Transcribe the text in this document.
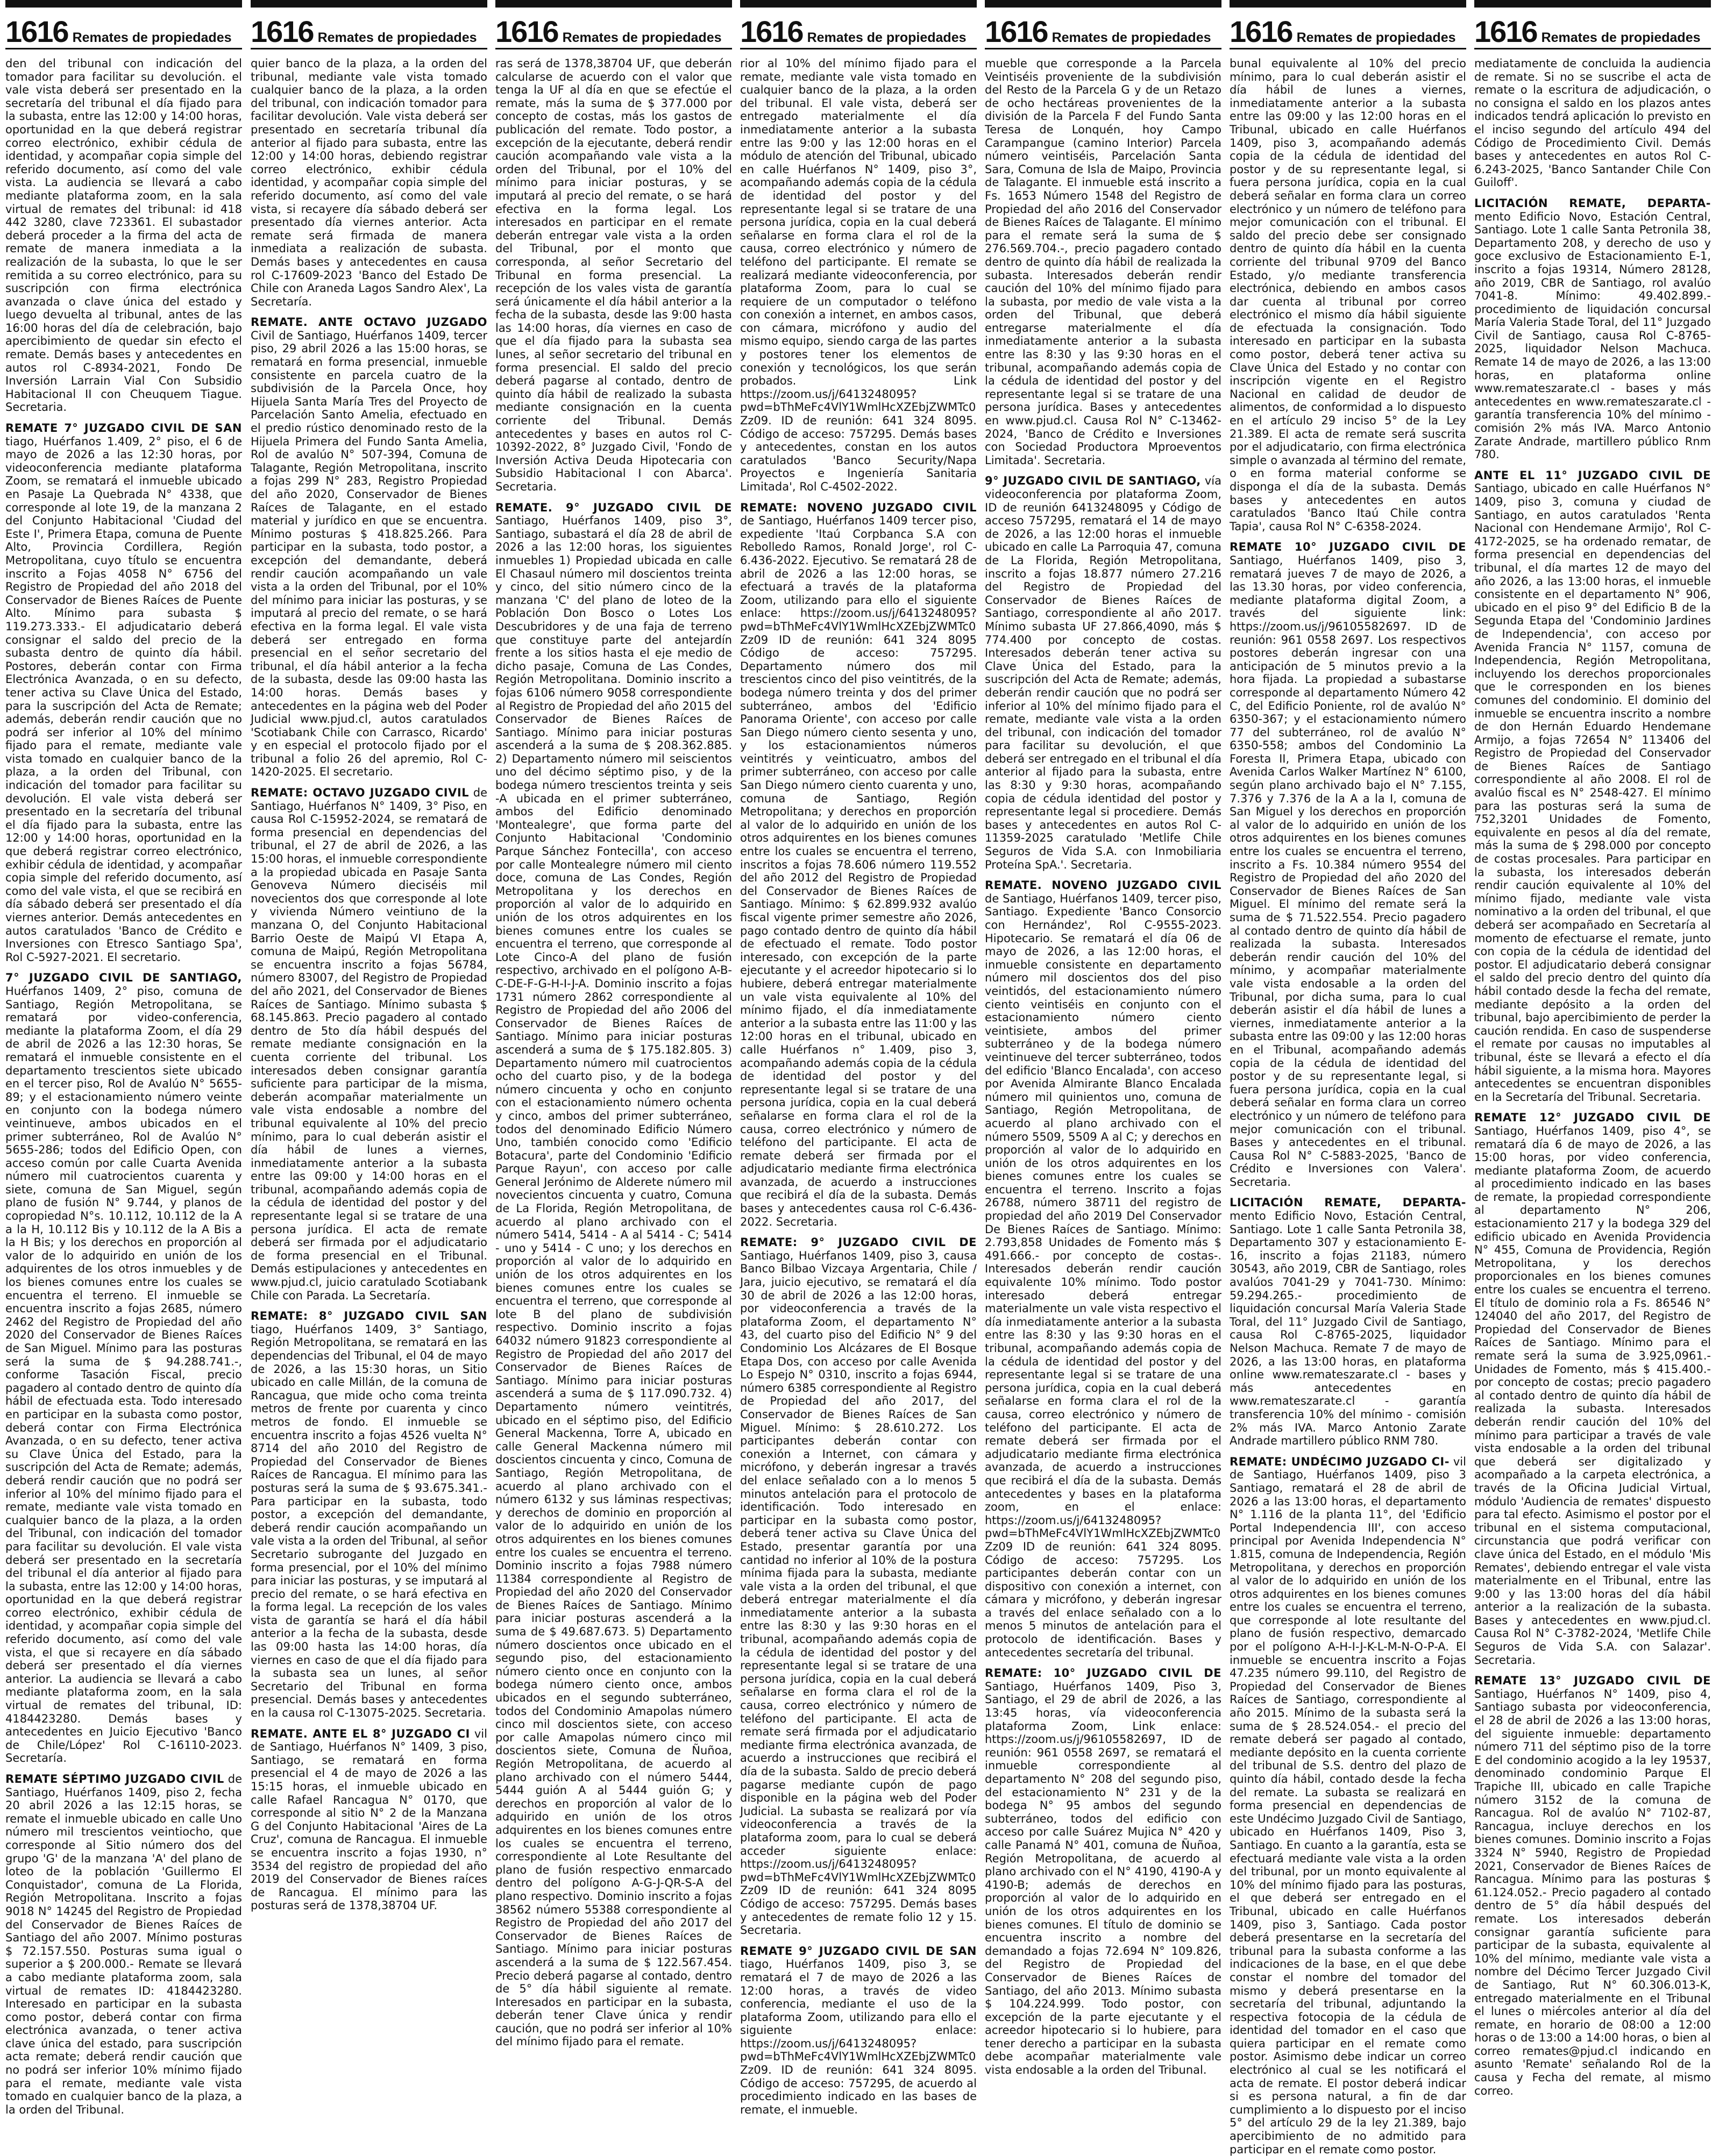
1616 Remates de propiedades

den del tribunal con indicación del tomador para facilitar su devolución. el vale vista deberá ser presentado en la secretaría del tribunal el día fijado para la subasta, entre las 12:00 y 14:00 horas, oportunidad en la que deberá registrar correo electrónico, exhibir cédula de identidad, y acompañar copia simple del referido documento, así como del vale vista. La audiencia se llevará a cabo mediante plataforma zoom, en la sala virtual de remates del tribunal: id 418 442 3280, clave 723361. El subastador deberá proceder a la firma del acta de remate de manera inmediata a la realización de la subasta, lo que le ser remitida a su correo electrónico, para su suscripción con firma electrónica avanzada o clave única del estado y luego devuelta al tribunal, antes de las 16:00 horas del día de celebración, bajo apercibimiento de quedar sin efecto el remate. Demás bases y antecedentes en autos rol C-8934-2021, Fondo De Inversión Larrain Vial Con Subsidio Habitacional II con Cheuquem Tiague. Secretaria.

REMATE 7° JUZGADO CIVIL DE SAN tiago, Huérfanos 1.409, 2° piso, el 6 de mayo de 2026 a las 12:30 horas, por videoconferencia mediante plataforma Zoom, se rematará el inmueble ubicado en Pasaje La Quebrada N° 4338, que corresponde al lote 19, de la manzana 2 del Conjunto Habitacional 'Ciudad del Este I', Primera Etapa, comuna de Puente Alto, Provincia Cordillera, Región Metropolitana, cuyo título se encuentra inscrito a Fojas 4058 N° 6756 del Registro de Propiedad del año 2018 del Conservador de Bienes Raíces de Puente Alto. Mínimo para subasta $ 119.273.333.- El adjudicatario deberá consignar el saldo del precio de la subasta dentro de quinto día hábil. Postores, deberán contar con Firma Electrónica Avanzada, o en su defecto, tener activa su Clave Única del Estado, para la suscripción del Acta de Remate; además, deberán rendir caución que no podrá ser inferior al 10% del mínimo fijado para el remate, mediante vale vista tomado en cualquier banco de la plaza, a la orden del Tribunal, con indicación del tomador para facilitar su devolución. El vale vista deberá ser presentado en la secretaría del tribunal el día fijado para la subasta, entre las 12:00 y 14:00 horas, oportunidad en la que deberá registrar correo electrónico, exhibir cédula de identidad, y acompañar copia simple del referido documento, así como del vale vista, el que se recibirá en día sábado deberá ser presentado el día viernes anterior. Demás antecedentes en autos caratulados 'Banco de Crédito e Inversiones con Etresco Santiago Spa', Rol C-5927-2021. El secretario.

7° JUZGADO CIVIL DE SANTIAGO, Huérfanos 1409, 2° piso, comuna de Santiago, Región Metropolitana, se rematará por video-conferencia, mediante la plataforma Zoom, el día 29 de abril de 2026 a las 12:30 horas, Se rematará el inmueble consistente en el departamento trescientos siete ubicado en el tercer piso, Rol de Avalúo N° 5655-89; y el estacionamiento número veinte en conjunto con la bodega número veintinueve, ambos ubicados en el primer subterráneo, Rol de Avalúo N° 5655-286; todos del Edificio Open, con acceso común por calle Cuarta Avenida número mil cuatrocientos cuarenta y siete, comuna de San Miguel, según plano de fusión N° 9.744, y planos de copropiedad N°s. 10.112, 10.112 de la A a la H, 10.112 Bis y 10.112 de la A Bis a la H Bis; y los derechos en proporción al valor de lo adquirido en unión de los adquirentes de los otros inmuebles y de los bienes comunes entre los cuales se encuentra el terreno. El inmueble se encuentra inscrito a fojas 2685, número 2462 del Registro de Propiedad del año 2020 del Conservador de Bienes Raíces de San Miguel. Mínimo para las posturas será la suma de $ 94.288.741.-, conforme Tasación Fiscal, precio pagadero al contado dentro de quinto día hábil de efectuada esta. Todo interesado en participar en la subasta como postor, deberá contar con Firma Electrónica Avanzada, o en su defecto, tener activa su Clave Única del Estado, para la suscripción del Acta de Remate; además, deberá rendir caución que no podrá ser inferior al 10% del mínimo fijado para el remate, mediante vale vista tomado en cualquier banco de la plaza, a la orden del Tribunal, con indicación del tomador para facilitar su devolución. El vale vista deberá ser presentado en la secretaría del tribunal el día anterior al fijado para la subasta, entre las 12:00 y 14:00 horas, oportunidad en la que deberá registrar correo electrónico, exhibir cédula de identidad, y acompañar copia simple del referido documento, así como del vale vista, el que si recayere en día sábado deberá ser presentado el día viernes anterior. La audiencia se llevará a cabo mediante plataforma zoom, en la sala virtual de remates del tribunal, ID: 4184423280. Demás bases y antecedentes en Juicio Ejecutivo 'Banco de Chile/López' Rol C-16110-2023. Secretaría.

REMATE SÉPTIMO JUZGADO CIVIL de Santiago, Huérfanos 1409, piso 2, fecha 20 abril 2026 a las 12:15 horas, se remate el inmueble ubicado en calle Uno número mil trescientos veintiocho, que corresponde al Sitio número dos del grupo 'G' de la manzana 'A' del plano de loteo de la población 'Guillermo El Conquistador', comuna de La Florida, Región Metropolitana. Inscrito a fojas 9018 N° 14245 del Registro de Propiedad del Conservador de Bienes Raíces de Santiago del año 2007. Mínimo posturas $ 72.157.550. Posturas suma igual o superior a $ 200.000.- Remate se llevará a cabo mediante plataforma zoom, sala virtual de remates ID: 4184423280. Interesado en participar en la subasta como postor, deberá contar con firma electrónica avanzada, o tener activa clave única del estado, para suscripción acta remate; deberá rendir caución que no podrá ser inferior 10% mínimo fijado para el remate, mediante vale vista tomado en cualquier banco de la plaza, a la orden del Tribunal.

1616 Remates de propiedades

quier banco de la plaza, a la orden del tribunal, mediante vale vista tomado cualquier banco de la plaza, a la orden del tribunal, con indicación tomador para facilitar devolución. Vale vista deberá ser presentado en secretaría tribunal día anterior al fijado para subasta, entre las 12:00 y 14:00 horas, debiendo registrar correo electrónico, exhibir cédula identidad, y acompañar copia simple del referido documento, así como del vale vista, si recayere día sábado deberá ser presentado día viernes anterior. Acta remate será firmada de manera inmediata a realización de subasta. Demás bases y antecedentes en causa rol C-17609-2023 'Banco del Estado De Chile con Araneda Lagos Sandro Alex', La Secretaría.

REMATE. ANTE OCTAVO JUZGADO Civil de Santiago, Huérfanos 1409, tercer piso, 29 abril 2026 a las 15:00 horas, se rematará en forma presencial, inmueble consistente en parcela cuatro de la subdivisión de la Parcela Once, hoy Hijuela Santa María Tres del Proyecto de Parcelación Santo Amelia, efectuado en el predio rústico denominado resto de la Hijuela Primera del Fundo Santa Amelia, Rol de avalúo N° 507-394, Comuna de Talagante, Región Metropolitana, inscrito a fojas 299 N° 283, Registro Propiedad del año 2020, Conservador de Bienes Raíces de Talagante, en el estado material y jurídico en que se encuentra. Mínimo posturas $ 418.825.266. Para participar en la subasta, todo postor, a excepción del demandante, deberá rendir caución acompañando un vale vista a la orden del Tribunal, por el 10% del mínimo para iniciar las posturas, y se imputará al precio del remate, o se hará efectiva en la forma legal. El vale vista deberá ser entregado en forma presencial en el señor secretario del tribunal, el día hábil anterior a la fecha de la subasta, desde las 09:00 hasta las 14:00 horas. Demás bases y antecedentes en la página web del Poder Judicial www.pjud.cl, autos caratulados 'Scotiabank Chile con Carrasco, Ricardo' y en especial el protocolo fijado por el tribunal a folio 26 del apremio, Rol C-1420-2025. El secretario.

REMATE: OCTAVO JUZGADO CIVIL de Santiago, Huérfanos N° 1409, 3° Piso, en causa Rol C-15952-2024, se rematará de forma presencial en dependencias del tribunal, el 27 de abril de 2026, a las 15:00 horas, el inmueble correspondiente a la propiedad ubicada en Pasaje Santa Genoveva Número dieciséis mil novecientos dos que corresponde al lote y vivienda Número veintiuno de la manzana O, del Conjunto Habitacional Barrio Oeste de Maipú VI Etapa A, comuna de Maipú, Región Metropolitana se encuentra inscrito a fojas 56784, número 83007, del Registro de Propiedad del año 2021, del Conservador de Bienes Raíces de Santiago. Mínimo subasta $ 68.145.863. Precio pagadero al contado dentro de 5to día hábil después del remate mediante consignación en la cuenta corriente del tribunal. Los interesados deben consignar garantía suficiente para participar de la misma, deberán acompañar materialmente un vale vista endosable a nombre del tribunal equivalente al 10% del precio mínimo, para lo cual deberán asistir el día hábil de lunes a viernes, inmediatamente anterior a la subasta entre las 09:00 y 14:00 horas en el tribunal, acompañando además copia de la cédula de identidad del postor y del representante legal si se tratare de una persona jurídica. El acta de remate deberá ser firmada por el adjudicatario de forma presencial en el Tribunal. Demás estipulaciones y antecedentes en www.pjud.cl, juicio caratulado Scotiabank Chile con Parada. La Secretaría.

REMATE: 8° JUZGADO CIVIL SAN tiago, Huérfanos 1409, 3° Santiago, Región Metropolitana, se rematará en las dependencias del Tribunal, el 04 de mayo de 2026, a las 15:30 horas, un Sitio ubicado en calle Millán, de la comuna de Rancagua, que mide ocho coma treinta metros de frente por cuarenta y cinco metros de fondo. El inmueble se encuentra inscrito a fojas 4526 vuelta N° 8714 del año 2010 del Registro de Propiedad del Conservador de Bienes Raíces de Rancagua. El mínimo para las posturas será la suma de $ 93.675.341.- Para participar en la subasta, todo postor, a excepción del demandante, deberá rendir caución acompañando un vale vista a la orden del Tribunal, al señor Secretario subrogante del Juzgado en forma presencial, por el 10% del mínimo para iniciar las posturas, y se imputará al precio del remate, o se hará efectiva en la forma legal. La recepción de los vales vista de garantía se hará el día hábil anterior a la fecha de la subasta, desde las 09:00 hasta las 14:00 horas, día viernes en caso de que el día fijado para la subasta sea un lunes, al señor Secretario del Tribunal en forma presencial. Demás bases y antecedentes en la causa rol C-13075-2025. Secretaria.

REMATE. ANTE EL 8° JUZGADO CI vil de Santiago, Huérfanos N° 1409, 3 piso, Santiago, se rematará en forma presencial el 4 de mayo de 2026 a las 15:15 horas, el inmueble ubicado en calle Rafael Rancagua N° 0170, que corresponde al sitio N° 2 de la Manzana G del Conjunto Habitacional 'Aires de La Cruz', comuna de Rancagua. El inmueble se encuentra inscrito a fojas 1930, n° 3534 del registro de propiedad del año 2019 del Conservador de Bienes raíces de Rancagua. El mínimo para las posturas será de 1378,38704 UF.

1616 Remates de propiedades

ras será de 1378,38704 UF, que deberán calcularse de acuerdo con el valor que tenga la UF al día en que se efectúe el remate, más la suma de $ 377.000 por concepto de costas, más los gastos de publicación del remate. Todo postor, a excepción de la ejecutante, deberá rendir caución acompañando vale vista a la orden del Tribunal, por el 10% del mínimo para iniciar posturas, y se imputará al precio del remate, o se hará efectiva en la forma legal. Los interesados en participar en el remate deberán entregar vale vista a la orden del Tribunal, por el monto que corresponda, al señor Secretario del Tribunal en forma presencial. La recepción de los vales vista de garantía será únicamente el día hábil anterior a la fecha de la subasta, desde las 9:00 hasta las 14:00 horas, día viernes en caso de que el día fijado para la subasta sea lunes, al señor secretario del tribunal en forma presencial. El saldo del precio deberá pagarse al contado, dentro de quinto día hábil de realizado la subasta mediante consignación en la cuenta corriente del Tribunal. Demás antecedentes y bases en autos rol C-10392-2022, 8° Juzgado Civil, 'Fondo de Inversión Activa Deuda Hipotecaria con Subsidio Habitacional I con Abarca'. Secretaria.

REMATE. 9° JUZGADO CIVIL DE Santiago, Huérfanos 1409, piso 3°, Santiago, subastará el día 28 de abril de 2026 a las 12:00 horas, los siguientes inmuebles 1) Propiedad ubicada en calle El Chasaul número mil doscientos treinta y cinco, del sitio número cinco de la manzana 'C' del plano de loteo de la Población Don Bosco o Lotes Los Descubridores y de una faja de terreno que constituye parte del antejardín frente a los sitios hasta el eje medio de dicho pasaje, Comuna de Las Condes, Región Metropolitana. Dominio inscrito a fojas 6106 número 9058 correspondiente al Registro de Propiedad del año 2015 del Conservador de Bienes Raíces de Santiago. Mínimo para iniciar posturas ascenderá a la suma de $ 208.362.885. 2) Departamento número mil seiscientos uno del décimo séptimo piso, y de la bodega número trescientos treinta y seis -A ubicada en el primer subterráneo, ambos del Edificio denominado 'Montealegre', que forma parte del Conjunto Habitacional 'Condominio Parque Sánchez Fontecilla', con acceso por calle Montealegre número mil ciento doce, comuna de Las Condes, Región Metropolitana y los derechos en proporción al valor de lo adquirido en unión de los otros adquirentes en los bienes comunes entre los cuales se encuentra el terreno, que corresponde al Lote Cinco-A del plano de fusión respectivo, archivado en el polígono A-B-C-DE-F-G-H-I-J-A. Dominio inscrito a fojas 1731 número 2862 correspondiente al Registro de Propiedad del año 2006 del Conservador de Bienes Raíces de Santiago. Mínimo para iniciar posturas ascenderá a suma de $ 175.182.805. 3) Departamento número mil cuatrocientos ocho del cuarto piso, y de la bodega número cincuenta y ocho en conjunto con el estacionamiento número ochenta y cinco, ambos del primer subterráneo, todos del denominado Edificio Número Uno, también conocido como 'Edificio Botacura', parte del Condominio 'Edificio Parque Rayun', con acceso por calle General Jerónimo de Alderete número mil novecientos cincuenta y cuatro, Comuna de La Florida, Región Metropolitana, de acuerdo al plano archivado con el número 5414, 5414 - A al 5414 - C; 5414 - uno y 5414 - C uno; y los derechos en proporción al valor de lo adquirido en unión de los otros adquirentes en los bienes comunes entre los cuales se encuentra el terreno, que corresponde al lote B del plano de subdivisión respectivo. Dominio inscrito a fojas 64032 número 91823 correspondiente al Registro de Propiedad del año 2017 del Conservador de Bienes Raíces de Santiago. Mínimo para iniciar posturas ascenderá a suma de $ 117.090.732. 4) Departamento número veintitrés, ubicado en el séptimo piso, del Edificio General Mackenna, Torre A, ubicado en calle General Mackenna número mil doscientos cincuenta y cinco, Comuna de Santiago, Región Metropolitana, de acuerdo al plano archivado con el número 6132 y sus láminas respectivas; y derechos de dominio en proporción al valor de lo adquirido en unión de los otros adquirentes en los bienes comunes entre los cuales se encuentra el terreno. Dominio inscrito a fojas 7988 número 11384 correspondiente al Registro de Propiedad del año 2020 del Conservador de Bienes Raíces de Santiago. Mínimo para iniciar posturas ascenderá a la suma de $ 49.687.673. 5) Departamento número doscientos once ubicado en el segundo piso, del estacionamiento número ciento once en conjunto con la bodega número ciento once, ambos ubicados en el segundo subterráneo, todos del Condominio Amapolas número cinco mil doscientos siete, con acceso por calle Amapolas número cinco mil doscientos siete, Comuna de Ñuñoa, Región Metropolitana, de acuerdo al plano archivado con el número 5444, 5444 guión A al 5444 guión G; y derechos en proporción al valor de lo adquirido en unión de los otros adquirentes en los bienes comunes entre los cuales se encuentra el terreno, correspondiente al Lote Resultante del plano de fusión respectivo enmarcado dentro del polígono A-G-J-QR-S-A del plano respectivo. Dominio inscrito a fojas 38562 número 55388 correspondiente al Registro de Propiedad del año 2017 del Conservador de Bienes Raíces de Santiago. Mínimo para iniciar posturas ascenderá a la suma de $ 122.567.454. Precio deberá pagarse al contado, dentro de 5° día hábil siguiente al remate. Interesados en participar en la subasta, deberán tener Clave única y rendir caución, que no podrá ser inferior al 10% del mínimo fijado para el remate.

1616 Remates de propiedades

rior al 10% del mínimo fijado para el remate, mediante vale vista tomado en cualquier banco de la plaza, a la orden del tribunal. El vale vista, deberá ser entregado materialmente el día inmediatamente anterior a la subasta entre las 9:00 y las 12:00 horas en el módulo de atención del Tribunal, ubicado en calle Huérfanos N° 1409, piso 3°, acompañando además copia de la cédula de identidad del postor y del representante legal si se tratare de una persona jurídica, copia en la cual deberá señalarse en forma clara el rol de la causa, correo electrónico y número de teléfono del participante. El remate se realizará mediante videoconferencia, por plataforma Zoom, para lo cual se requiere de un computador o teléfono con conexión a internet, en ambos casos, con cámara, micrófono y audio del mismo equipo, siendo carga de las partes y postores tener los elementos de conexión y tecnológicos, los que serán probados. Link https://zoom.us/j/6413248095?pwd=bThMeFc4VlY1WmlHcXZEbjZWMTc0Zz09. ID de reunión: 641 324 8095. Código de acceso: 757295. Demás bases y antecedentes, constan en los autos caratulados 'Banco Security/Napa Proyectos e Ingeniería Sanitaria Limitada', Rol C-4502-2022.

REMATE: NOVENO JUZGADO CIVIL de Santiago, Huérfanos 1409 tercer piso, expediente 'Itaú Corpbanca S.A con Rebolledo Ramos, Ronald Jorge', rol C-6.436-2022. Ejecutivo. Se rematará 28 de abril de 2026 a las 12:00 horas, se efectuará a través de la plataforma Zoom, utilizando para ello el siguiente enlace: https://zoom.us/j/6413248095?pwd=bThMeFc4VlY1WmlHcXZEbjZWMTc0Zz09 ID de reunión: 641 324 8095 Código de acceso: 757295. Departamento número dos mil trescientos cinco del piso veintitrés, de la bodega número treinta y dos del primer subterráneo, ambos del 'Edificio Panorama Oriente', con acceso por calle San Diego número ciento sesenta y uno, y los estacionamientos números veintitrés y veinticuatro, ambos del primer subterráneo, con acceso por calle San Diego número ciento cuarenta y uno, comuna de Santiago, Región Metropolitana; y derechos en proporción al valor de lo adquirido en unión de los otros adquirentes en los bienes comunes entre los cuales se encuentra el terreno, inscritos a fojas 78.606 número 119.552 del año 2012 del Registro de Propiedad del Conservador de Bienes Raíces de Santiago. Mínimo: $ 62.899.932 avalúo fiscal vigente primer semestre año 2026, pago contado dentro de quinto día hábil de efectuado el remate. Todo postor interesado, con excepción de la parte ejecutante y el acreedor hipotecario si lo hubiere, deberá entregar materialmente un vale vista equivalente al 10% del mínimo fijado, el día inmediatamente anterior a la subasta entre las 11:00 y las 12:00 horas en el tribunal, ubicado en calle Huérfanos n° 1.409, piso 3, acompañando además copia de la cédula de identidad del postor y del representante legal si se tratare de una persona jurídica, copia en la cual deberá señalarse en forma clara el rol de la causa, correo electrónico y número de teléfono del participante. El acta de remate deberá ser firmada por el adjudicatario mediante firma electrónica avanzada, de acuerdo a instrucciones que recibirá el día de la subasta. Demás bases y antecedentes causa rol C-6.436-2022. Secretaria.

REMATE: 9° JUZGADO CIVIL DE Santiago, Huérfanos 1409, piso 3, causa Banco Bilbao Vizcaya Argentaria, Chile / Jara, juicio ejecutivo, se rematará el día 30 de abril de 2026 a las 12:00 horas, por videoconferencia a través de la plataforma Zoom, el departamento N° 43, del cuarto piso del Edificio N° 9 del Condominio Los Alcázares de El Bosque Etapa Dos, con acceso por calle Avenida Lo Espejo N° 0310, inscrito a fojas 6944, número 6385 correspondiente al Registro de Propiedad del año 2017, del Conservador de Bienes Raíces de San Miguel. Mínimo: $ 28.610.272. Los participantes deberán contar con conexión a Internet, con cámara y micrófono, y deberán ingresar a través del enlace señalado con a lo menos 5 minutos antelación para el protocolo de identificación. Todo interesado en participar en la subasta como postor, deberá tener activa su Clave Única del Estado, presentar garantía por una cantidad no inferior al 10% de la postura mínima fijada para la subasta, mediante vale vista a la orden del tribunal, el que deberá entregar materialmente el día inmediatamente anterior a la subasta entre las 8:30 y las 9:30 horas en el tribunal, acompañando además copia de la cédula de identidad del postor y del representante legal si se tratare de una persona jurídica, copia en la cual deberá señalarse en forma clara el rol de la causa, correo electrónico y número de teléfono del participante. El acta de remate será firmada por el adjudicatario mediante firma electrónica avanzada, de acuerdo a instrucciones que recibirá el día de la subasta. Saldo de precio deberá pagarse mediante cupón de pago disponible en la página web del Poder Judicial. La subasta se realizará por vía videoconferencia a través de la plataforma zoom, para lo cual se deberá acceder siguiente enlace: https://zoom.us/j/6413248095?pwd=bThMeFc4VlY1WmlHcXZEbjZWMTc0Zz09 ID de reunión: 641 324 8095 Código de acceso: 757295. Demás bases y antecedentes de remate folio 12 y 15. Secretaria.

REMATE 9° JUZGADO CIVIL DE SAN tiago, Huérfanos 1409, piso 3, se rematará el 7 de mayo de 2026 a las 12:00 horas, a través de video conferencia, mediante el uso de la plataforma Zoom, utilizando para ello el siguiente enlace: https://zoom.us/j/6413248095?pwd=bThMeFc4VlY1WmlHcXZEbjZWMTc0Zz09. ID de reunión: 641 324 8095. Código de acceso: 757295, de acuerdo al procedimiento indicado en las bases de remate, el inmueble.

1616 Remates de propiedades

mueble que corresponde a la Parcela Veintiséis proveniente de la subdivisión del Resto de la Parcela G y de un Retazo de ocho hectáreas provenientes de la división de la Parcela F del Fundo Santa Teresa de Lonquén, hoy Campo Carampangue (camino Interior) Parcela número veintiséis, Parcelación Santa Sara, Comuna de Isla de Maipo, Provincia de Talagante. El inmueble está inscrito a Fs. 1653 Número 1548 del Registro de Propiedad del año 2016 del Conservador de Bienes Raíces de Talagante. El mínimo para el remate será la suma de $ 276.569.704.-, precio pagadero contado dentro de quinto día hábil de realizada la subasta. Interesados deberán rendir caución del 10% del mínimo fijado para la subasta, por medio de vale vista a la orden del Tribunal, que deberá entregarse materialmente el día inmediatamente anterior a la subasta entre las 8:30 y las 9:30 horas en el tribunal, acompañando además copia de la cédula de identidad del postor y del representante legal si se tratare de una persona jurídica. Bases y antecedentes en www.pjud.cl. Causa Rol N° C-13462-2024, 'Banco de Crédito e Inversiones con Sociedad Productora Mproeventos Limitada'. Secretaria.

9° JUZGADO CIVIL DE SANTIAGO, vía videoconferencia por plataforma Zoom, ID de reunión 6413248095 y Código de acceso 757295, rematará el 14 de mayo de 2026, a las 12:00 horas el inmueble ubicado en calle La Parroquia 47, comuna de La Florida, Región Metropolitana, inscrito a fojas 18.877 número 27.216 del Registro de Propiedad del Conservador de Bienes Raíces de Santiago, correspondiente al año 2017. Mínimo subasta UF 27.866,4090, más $ 774.400 por concepto de costas. Interesados deberán tener activa su Clave Única del Estado, para la suscripción del Acta de Remate; además, deberán rendir caución que no podrá ser inferior al 10% del mínimo fijado para el remate, mediante vale vista a la orden del tribunal, con indicación del tomador para facilitar su devolución, el que deberá ser entregado en el tribunal el día anterior al fijado para la subasta, entre las 8:30 y 9:30 horas, acompañando copia de cédula identidad del postor y representante legal si procediere. Demás bases y antecedentes en autos Rol C-11359-2025 caratulado 'Metlife Chile Seguros de Vida S.A. con Inmobiliaria Proteína SpA.'. Secretaria.

REMATE. NOVENO JUZGADO CIVIL de Santiago, Huérfanos 1409, tercer piso, Santiago. Expediente 'Banco Consorcio con Hernández', Rol C-9555-2023. Hipotecario. Se rematará el día 06 de mayo de 2026, a las 12:00 horas, el inmueble consistente en departamento número mil doscientos dos del piso veintidós, del estacionamiento número ciento veintiséis en conjunto con el estacionamiento número ciento veintisiete, ambos del primer subterráneo y de la bodega número veintinueve del tercer subterráneo, todos del edificio 'Blanco Encalada', con acceso por Avenida Almirante Blanco Encalada número mil quinientos uno, comuna de Santiago, Región Metropolitana, de acuerdo al plano archivado con el número 5509, 5509 A al C; y derechos en proporción al valor de lo adquirido en unión de los otros adquirentes en los bienes comunes entre los cuales se encuentra el terreno. Inscrito a fojas 26788, número 38711 del registro de propiedad del año 2019 Del Conservador De Bienes Raíces de Santiago. Mínimo: 2.793,858 Unidades de Fomento más $ 491.666.- por concepto de costas-. Interesados deberán rendir caución equivalente 10% mínimo. Todo postor interesado deberá entregar materialmente un vale vista respectivo el día inmediatamente anterior a la subasta entre las 8:30 y las 9:30 horas en el tribunal, acompañando además copia de la cédula de identidad del postor y del representante legal si se tratare de una persona jurídica, copia en la cual deberá señalarse en forma clara el rol de la causa, correo electrónico y número de teléfono del participante. El acta de remate deberá ser firmada por el adjudicatario mediante firma electrónica avanzada, de acuerdo a instrucciones que recibirá el día de la subasta. Demás antecedentes y bases en la plataforma zoom, en el enlace: https://zoom.us/j/6413248095?pwd=bThMeFc4VlY1WmlHcXZEbjZWMTc0Zz09 ID de reunión: 641 324 8095. Código de acceso: 757295. Los participantes deberán contar con un dispositivo con conexión a internet, con cámara y micrófono, y deberán ingresar a través del enlace señalado con a lo menos 5 minutos de antelación para el protocolo de identificación. Bases y antecedentes secretaría del tribunal.

REMATE: 10° JUZGADO CIVIL DE Santiago, Huérfanos 1409, Piso 3, Santiago, el 29 de abril de 2026, a las 13:45 horas, vía videoconferencia plataforma Zoom, Link enlace: https://zoom.us/j/96105582697, ID de reunión: 961 0558 2697, se rematará el inmueble correspondiente al departamento N° 208 del segundo piso, del estacionamiento N° 231 y de la bodega N° 95 ambos del segundo subterráneo, todos del edificio con acceso por calle Suárez Mujica N° 420 y calle Panamá N° 401, comuna de Ñuñoa, Región Metropolitana, de acuerdo al plano archivado con el N° 4190, 4190-A y 4190-B; además de derechos en proporción al valor de lo adquirido en unión de los otros adquirentes en los bienes comunes. El título de dominio se encuentra inscrito a nombre del demandado a fojas 72.694 N° 109.826, del Registro de Propiedad del Conservador de Bienes Raíces de Santiago, del año 2013. Mínimo subasta $ 104.224.999. Todo postor, con excepción de la parte ejecutante y el acreedor hipotecario si lo hubiere, para tener derecho a participar en la subasta debe acompañar materialmente vale vista endosable a la orden del Tribunal.

1616 Remates de propiedades

bunal equivalente al 10% del precio mínimo, para lo cual deberán asistir el día hábil de lunes a viernes, inmediatamente anterior a la subasta entre las 09:00 y las 12:00 horas en el Tribunal, ubicado en calle Huérfanos 1409, piso 3, acompañando además copia de la cédula de identidad del postor y de su representante legal, si fuera persona jurídica, copia en la cual deberá señalar en forma clara un correo electrónico y un número de teléfono para mejor comunicación con el tribunal. El saldo del precio debe ser consignado dentro de quinto día hábil en la cuenta corriente del tribunal 9709 del Banco Estado, y/o mediante transferencia electrónica, debiendo en ambos casos dar cuenta al tribunal por correo electrónico el mismo día hábil siguiente de efectuada la consignación. Todo interesado en participar en la subasta como postor, deberá tener activa su Clave Única del Estado y no contar con inscripción vigente en el Registro Nacional en calidad de deudor de alimentos, de conformidad a lo dispuesto en el artículo 29 inciso 5° de la Ley 21.389. El acta de remate será suscrita por el adjudicatario, con firma electrónica simple o avanzada al término del remate, o en forma material conforme se disponga el día de la subasta. Demás bases y antecedentes en autos caratulados 'Banco Itaú Chile contra Tapia', causa Rol N° C-6358-2024.

REMATE 10° JUZGADO CIVIL DE Santiago, Huérfanos 1409, piso 3, rematará jueves 7 de mayo de 2026, a las 13.30 horas, por video conferencia, mediante plataforma digital Zoom, a través del siguiente link: https://zoom.us/j/96105582697. ID de reunión: 961 0558 2697. Los respectivos postores deberán ingresar con una anticipación de 5 minutos previo a la hora fijada. La propiedad a subastarse corresponde al departamento Número 42 C, del Edificio Poniente, rol de avalúo N° 6350-367; y el estacionamiento número 77 del subterráneo, rol de avalúo N° 6350-558; ambos del Condominio La Foresta II, Primera Etapa, ubicado con Avenida Carlos Walker Martínez N° 6100, según plano archivado bajo el N° 7.155, 7.376 y 7.376 de la A a la I, comuna de San Miguel y los derechos en proporción al valor de lo adquirido en unión de los otros adquirentes en los bienes comunes entre los cuales se encuentra el terreno, inscrito a Fs. 10.384 número 9554 del Registro de Propiedad del año 2020 del Conservador de Bienes Raíces de San Miguel. El mínimo del remate será la suma de $ 71.522.554. Precio pagadero al contado dentro de quinto día hábil de realizada la subasta. Interesados deberán rendir caución del 10% del mínimo, y acompañar materialmente vale vista endosable a la orden del Tribunal, por dicha suma, para lo cual deberán asistir el día hábil de lunes a viernes, inmediatamente anterior a la subasta entre las 09:00 y las 12:00 horas en el Tribunal, acompañando además copia de la cédula de identidad del postor y de su representante legal, si fuera persona jurídica, copia en la cual deberá señalar en forma clara un correo electrónico y un número de teléfono para mejor comunicación con el tribunal. Bases y antecedentes en el tribunal. Causa Rol N° C-5883-2025, 'Banco de Crédito e Inversiones con Valera'. Secretaria.

LICITACIÓN REMATE, DEPARTA- mento Edificio Novo, Estación Central, Santiago. Lote 1 calle Santa Petronila 38, Departamento 307 y estacionamiento E-16, inscrito a fojas 21183, número 30543, año 2019, CBR de Santiago, roles avalúos 7041-29 y 7041-730. Mínimo: 59.294.265.- procedimiento de liquidación concursal María Valeria Stade Toral, del 11° Juzgado Civil de Santiago, causa Rol C-8765-2025, liquidador Nelson Machuca. Remate 7 de mayo de 2026, a las 13:00 horas, en plataforma online www.remateszarate.cl - bases y más antecedentes en www.remateszarate.cl - garantía transferencia 10% del mínimo - comisión 2% más IVA. Marco Antonio Zarate Andrade martillero público RNM 780.

REMATE: UNDÉCIMO JUZGADO CI- vil de Santiago, Huérfanos 1409, piso 3 Santiago, rematará el 28 de abril de 2026 a las 13:00 horas, el departamento N° 1.116 de la planta 11°, del 'Edificio Portal Independencia III', con acceso principal por Avenida Independencia N° 1.815, comuna de Independencia, Región Metropolitana, y derechos en proporción al valor de lo adquirido en unión de los otros adquirentes en los bienes comunes entre los cuales se encuentra el terreno, que corresponde al lote resultante del plano de fusión respectivo, demarcado por el polígono A-H-I-J-K-L-M-N-O-P-A. El inmueble se encuentra inscrito a Fojas 47.235 número 99.110, del Registro de Propiedad del Conservador de Bienes Raíces de Santiago, correspondiente al año 2015. Mínimo de la subasta será la suma de $ 28.524.054.- el precio del remate deberá ser pagado al contado, mediante depósito en la cuenta corriente del tribunal de S.S. dentro del plazo de quinto día hábil, contado desde la fecha del remate. La subasta se realizará en forma presencial en dependencias de este Undécimo Juzgado Civil de Santiago, ubicado en Huérfanos 1409, Piso 3, Santiago. En cuanto a la garantía, esta se efectuará mediante vale vista a la orden del tribunal, por un monto equivalente al 10% del mínimo fijado para las posturas, el que deberá ser entregado en el Tribunal, ubicado en calle Huérfanos 1409, piso 3, Santiago. Cada postor deberá presentarse en la secretaría del tribunal para la subasta conforme a las indicaciones de la base, en el que debe constar el nombre del tomador del mismo y deberá presentarse en la secretaría del tribunal, adjuntando la respectiva fotocopia de la cédula de identidad del tomador en el caso que quiera participar en el remate como postor. Asimismo debe indicar un correo electrónico al cual se les notificará el acta de remate. El postor deberá indicar si es persona natural, a fin de dar cumplimiento a lo dispuesto por el inciso 5° del artículo 29 de la ley 21.389, bajo apercibimiento de no admitido para participar en el remate como postor.

1616 Remates de propiedades

mediatamente de concluida la audiencia de remate. Si no se suscribe el acta de remate o la escritura de adjudicación, o no consigna el saldo en los plazos antes indicados tendrá aplicación lo previsto en el inciso segundo del artículo 494 del Código de Procedimiento Civil. Demás bases y antecedentes en autos Rol C-6.243-2025, 'Banco Santander Chile Con Guiloff'.

LICITACIÓN REMATE, DEPARTA- mento Edificio Novo, Estación Central, Santiago. Lote 1 calle Santa Petronila 38, Departamento 208, y derecho de uso y goce exclusivo de Estacionamiento E-1, inscrito a fojas 19314, Número 28128, año 2019, CBR de Santiago, rol avalúo 7041-8. Mínimo: 49.402.899.- procedimiento de liquidación concursal María Valeria Stade Toral, del 11° Juzgado Civil de Santiago, causa Rol C-8765-2025, liquidador Nelson Machuca. Remate 14 de mayo de 2026, a las 13:00 horas, en plataforma online www.remateszarate.cl - bases y más antecedentes en www.remateszarate.cl - garantía transferencia 10% del mínimo - comisión 2% más IVA. Marco Antonio Zarate Andrade, martillero público Rnm 780.

ANTE EL 11° JUZGADO CIVIL DE Santiago, ubicado en calle Huérfanos N° 1409, piso 3, comuna y ciudad de Santiago, en autos caratulados 'Renta Nacional con Hendemane Armijo', Rol C-4172-2025, se ha ordenado rematar, de forma presencial en dependencias del tribunal, el día martes 12 de mayo del año 2026, a las 13:00 horas, el inmueble consistente en el departamento N° 906, ubicado en el piso 9° del Edificio B de la Segunda Etapa del 'Condominio Jardines de Independencia', con acceso por Avenida Francia N° 1157, comuna de Independencia, Región Metropolitana, incluyendo los derechos proporcionales que le corresponden en los bienes comunes del condominio. El dominio del inmueble se encuentra inscrito a nombre de don Hernán Eduardo Hendemane Armijo, a fojas 72654 N° 113406 del Registro de Propiedad del Conservador de Bienes Raíces de Santiago correspondiente al año 2008. El rol de avalúo fiscal es N° 2548-427. El mínimo para las posturas será la suma de 752,3201 Unidades de Fomento, equivalente en pesos al día del remate, más la suma de $ 298.000 por concepto de costas procesales. Para participar en la subasta, los interesados deberán rendir caución equivalente al 10% del mínimo fijado, mediante vale vista nominativo a la orden del tribunal, el que deberá ser acompañado en Secretaría al momento de efectuarse el remate, junto con copia de la cédula de identidad del postor. El adjudicatario deberá consignar el saldo del precio dentro del quinto día hábil contado desde la fecha del remate, mediante depósito a la orden del tribunal, bajo apercibimiento de perder la caución rendida. En caso de suspenderse el remate por causas no imputables al tribunal, éste se llevará a efecto el día hábil siguiente, a la misma hora. Mayores antecedentes se encuentran disponibles en la Secretaría del Tribunal. Secretaria.

REMATE 12° JUZGADO CIVIL DE Santiago, Huérfanos 1409, piso 4°, se rematará día 6 de mayo de 2026, a las 15:00 horas, por video conferencia, mediante plataforma Zoom, de acuerdo al procedimiento indicado en las bases de remate, la propiedad correspondiente al departamento N° 206, estacionamiento 217 y la bodega 329 del edificio ubicado en Avenida Providencia N° 455, Comuna de Providencia, Región Metropolitana, y los derechos proporcionales en los bienes comunes entre los cuales se encuentra el terreno. El título de dominio rola a Fs. 86546 N° 124040 del año 2017, del Registro de Propiedad del Conservador de Bienes Raíces de Santiago. Mínimo para el remate será la suma de 3.925,0961.- Unidades de Fomento, más $ 415.400.- por concepto de costas; precio pagadero al contado dentro de quinto día hábil de realizada la subasta. Interesados deberán rendir caución del 10% del mínimo para participar a través de vale vista endosable a la orden del tribunal que deberá ser digitalizado y acompañado a la carpeta electrónica, a través de la Oficina Judicial Virtual, módulo 'Audiencia de remates' dispuesto para tal efecto. Asimismo el postor por el tribunal en el sistema computacional, circunstancia que podrá verificar con clave única del Estado, en el módulo 'Mis Remates', debiendo entregar el vale vista materialmente en el Tribunal, entre las 9:00 y las 13:00 horas del día hábil anterior a la realización de la subasta. Bases y antecedentes en www.pjud.cl. Causa Rol N° C-3782-2024, 'Metlife Chile Seguros de Vida S.A. con Salazar'. Secretaria.

REMATE 13° JUZGADO CIVIL DE Santiago, Huérfanos N° 1409, piso 4, Santiago subasta por videoconferencia, el 28 de abril de 2026 a las 13:00 horas, del siguiente inmueble: departamento número 711 del séptimo piso de la torre E del condominio acogido a la ley 19537, denominado condominio Parque El Trapiche III, ubicado en calle Trapiche número 3152 de la comuna de Rancagua. Rol de avalúo N° 7102-87, Rancagua, incluye derechos en los bienes comunes. Dominio inscrito a Fojas 3324 N° 5940, Registro de Propiedad 2021, Conservador de Bienes Raíces de Rancagua. Mínimo para las posturas $ 61.124.052.- Precio pagadero al contado dentro de 5° día hábil después del remate. Los interesados deberán consignar garantía suficiente para participar de la subasta, equivalente al 10% del mínimo, mediante vale vista a nombre del Décimo Tercer Juzgado Civil de Santiago, Rut N° 60.306.013-K, entregado materialmente en el Tribunal el lunes o miércoles anterior al día del remate, en horario de 08:00 a 12:00 horas o de 13:00 a 14:00 horas, o bien al correo remates@pjud.cl indicando en asunto 'Remate' señalando Rol de la causa y Fecha del remate, al mismo correo.
